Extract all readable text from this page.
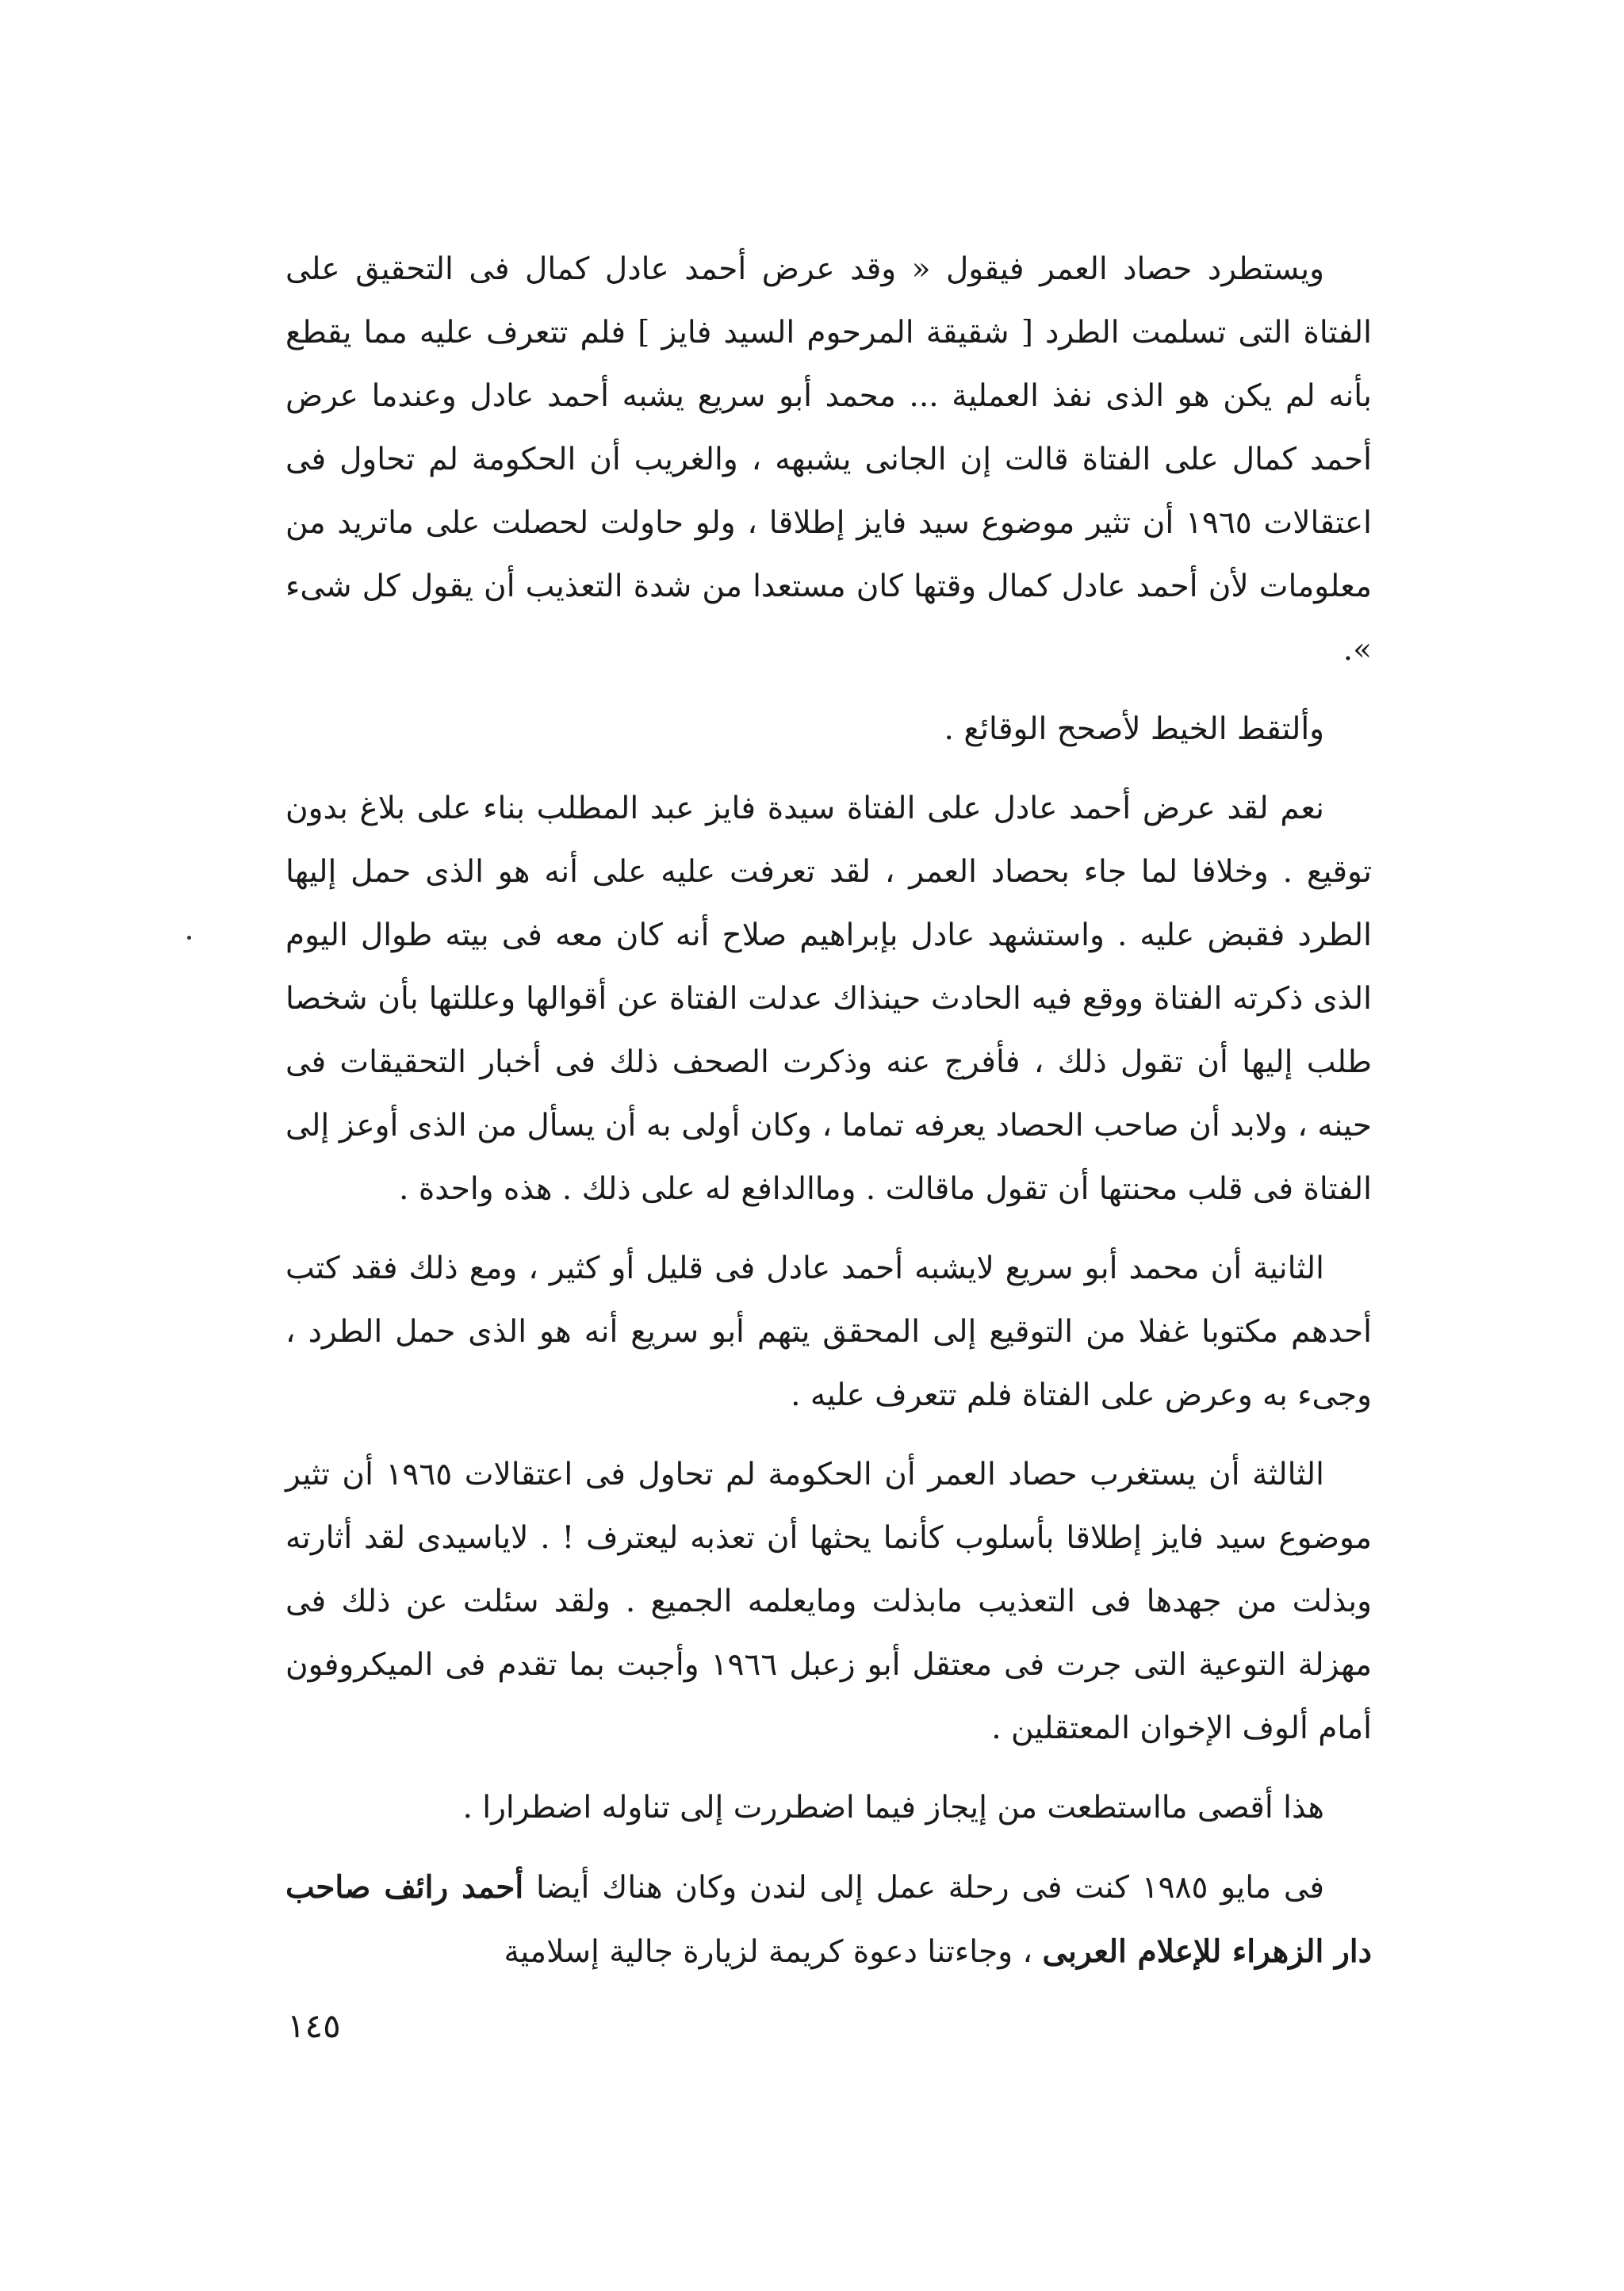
ويستطرد حصاد العمر فيقول « وقد عرض أحمد عادل كمال فى التحقيق على الفتاة التى تسلمت الطرد [ شقيقة المرحوم السيد فايز ] فلم تتعرف عليه مما يقطع بأنه لم يكن هو الذى نفذ العملية ... محمد أبو سريع يشبه أحمد عادل وعندما عرض أحمد كمال على الفتاة قالت إن الجانى يشبهه ، والغريب أن الحكومة لم تحاول فى اعتقالات ١٩٦٥ أن تثير موضوع سيد فايز إطلاقا ، ولو حاولت لحصلت على ماتريد من معلومات لأن أحمد عادل كمال وقتها كان مستعدا من شدة التعذيب أن يقول كل شىء ».

وألتقط الخيط لأصحح الوقائع .

نعم لقد عرض أحمد عادل على الفتاة سيدة فايز عبد المطلب بناء على بلاغ بدون توقيع . وخلافا لما جاء بحصاد العمر ، لقد تعرفت عليه على أنه هو الذى حمل إليها الطرد فقبض عليه . واستشهد عادل بإبراهيم صلاح أنه كان معه فى بيته طوال اليوم الذى ذكرته الفتاة ووقع فيه الحادث حينذاك عدلت الفتاة عن أقوالها وعللتها بأن شخصا طلب إليها أن تقول ذلك ، فأفرج عنه وذكرت الصحف ذلك فى أخبار التحقيقات فى حينه ، ولابد أن صاحب الحصاد يعرفه تماما ، وكان أولى به أن يسأل من الذى أوعز إلى الفتاة فى قلب محنتها أن تقول ماقالت . وماالدافع له على ذلك . هذه واحدة .

الثانية أن محمد أبو سريع لايشبه أحمد عادل فى قليل أو كثير ، ومع ذلك فقد كتب أحدهم مكتوبا غفلا من التوقيع إلى المحقق يتهم أبو سريع أنه هو الذى حمل الطرد ، وجىء به وعرض على الفتاة فلم تتعرف عليه .

الثالثة أن يستغرب حصاد العمر أن الحكومة لم تحاول فى اعتقالات ١٩٦٥ أن تثير موضوع سيد فايز إطلاقا بأسلوب كأنما يحثها أن تعذبه ليعترف ! . لاياسيدى لقد أثارته وبذلت من جهدها فى التعذيب مابذلت ومايعلمه الجميع . ولقد سئلت عن ذلك فى مهزلة التوعية التى جرت فى معتقل أبو زعبل ١٩٦٦ وأجبت بما تقدم فى الميكروفون أمام ألوف الإخوان المعتقلين .

هذا أقصى مااستطعت من إيجاز فيما اضطررت إلى تناوله اضطرارا .

فى مايو ١٩٨٥ كنت فى رحلة عمل إلى لندن وكان هناك أيضا أحمد رائف صاحب دار الزهراء للإعلام العربى ، وجاءتنا دعوة كريمة لزيارة جالية إسلامية

١٤٥
